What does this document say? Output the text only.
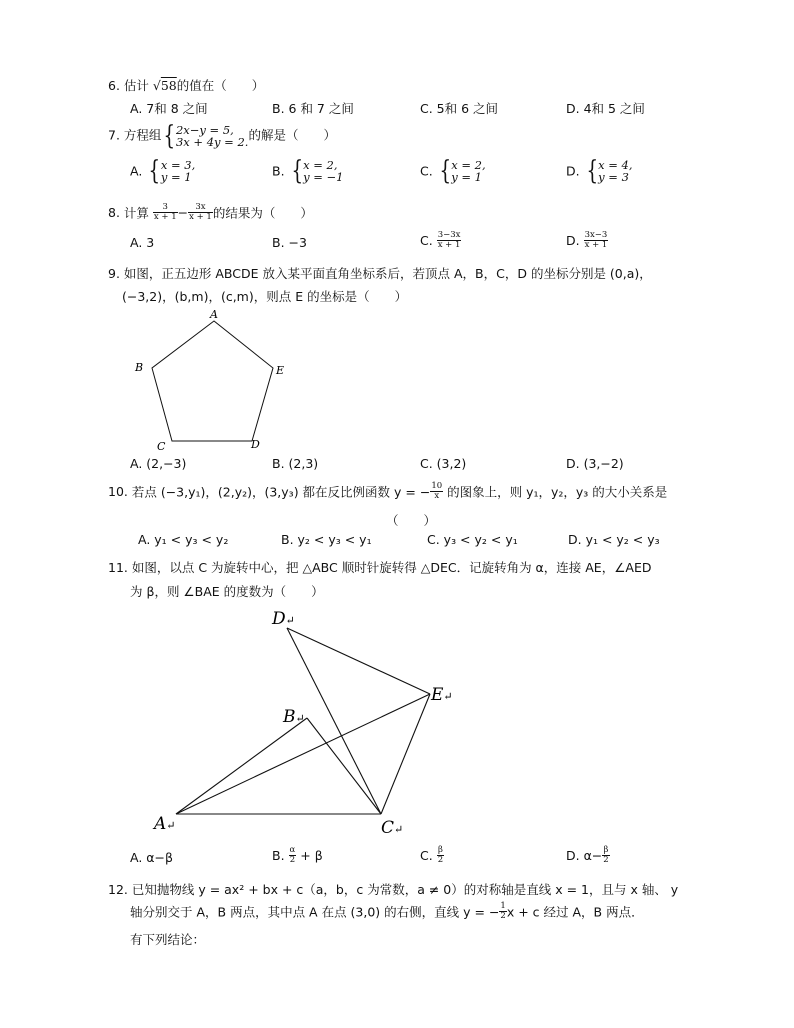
6. 估计 √58的值在（　　）
A. 7和 8 之间	B. 6 和 7 之间	C. 5和 6 之间	D. 4和 5 之间
7. 方程组{ 2x−y = 5,
3x + 4y = 2. 的解是（　　）
A. { x = 3,
y = 1	B. { x = 2,
y = −1	C. { x = 2,
y = 1	D. { x = 4,
y = 3
8. 计算 $\frac{3}{x + 1} - \frac{3x}{x + 1}$ 的结果为（　　）
A. 3	B. −3	C. $\frac{3-3x}{x + 1}$	D. $\frac{3x-3}{x + 1}$
9. 如图，正五边形 ABCDE 放入某平面直角坐标系后，若顶点 A，B，C，D 的坐标分别是 (0,a)，
(−3,2)，(b,m)，(c,m)，则点 E 的坐标是（　　）
A
B
C	D
E
A. (2,−3)	B. (2,3)	C. (3,2)	D. (3,−2)
10. 若点 (−3,y₁)，(2,y₂)，(3,y₃) 都在反比例函数 y = − $\frac{10}{x}$ 的图象上，则 y₁，y₂，y₃ 的大小关系是
（　　）
A. y₁ < y₃ < y₂	B. y₂ < y₃ < y₁	C. y₃ < y₂ < y₁	D. y₁ < y₂ < y₃
11. 如图，以点 C 为旋转中心，把 △ABC 顺时针旋转得 △DEC．记旋转角为 α，连接 AE，∠AED
为 β，则 ∠BAE 的度数为（　　）
D↵
E↵
B↵
A↵	C↵
A. α−β	B. $\frac{\alpha}{2} + \beta$	C. $\frac{\beta}{2}$	D. $\alpha- \frac{\beta}{2}$
12. 已知抛物线 y = ax² + bx + c（a，b，c 为常数，a ≠ 0）的对称轴是直线 x = 1，且与 x 轴、 y
轴分别交于 A，B 两点，其中点 A 在点 (3,0) 的右侧，直线 y = − $\frac{1}{2}$ x + c 经过 A，B 两点．
有下列结论：
